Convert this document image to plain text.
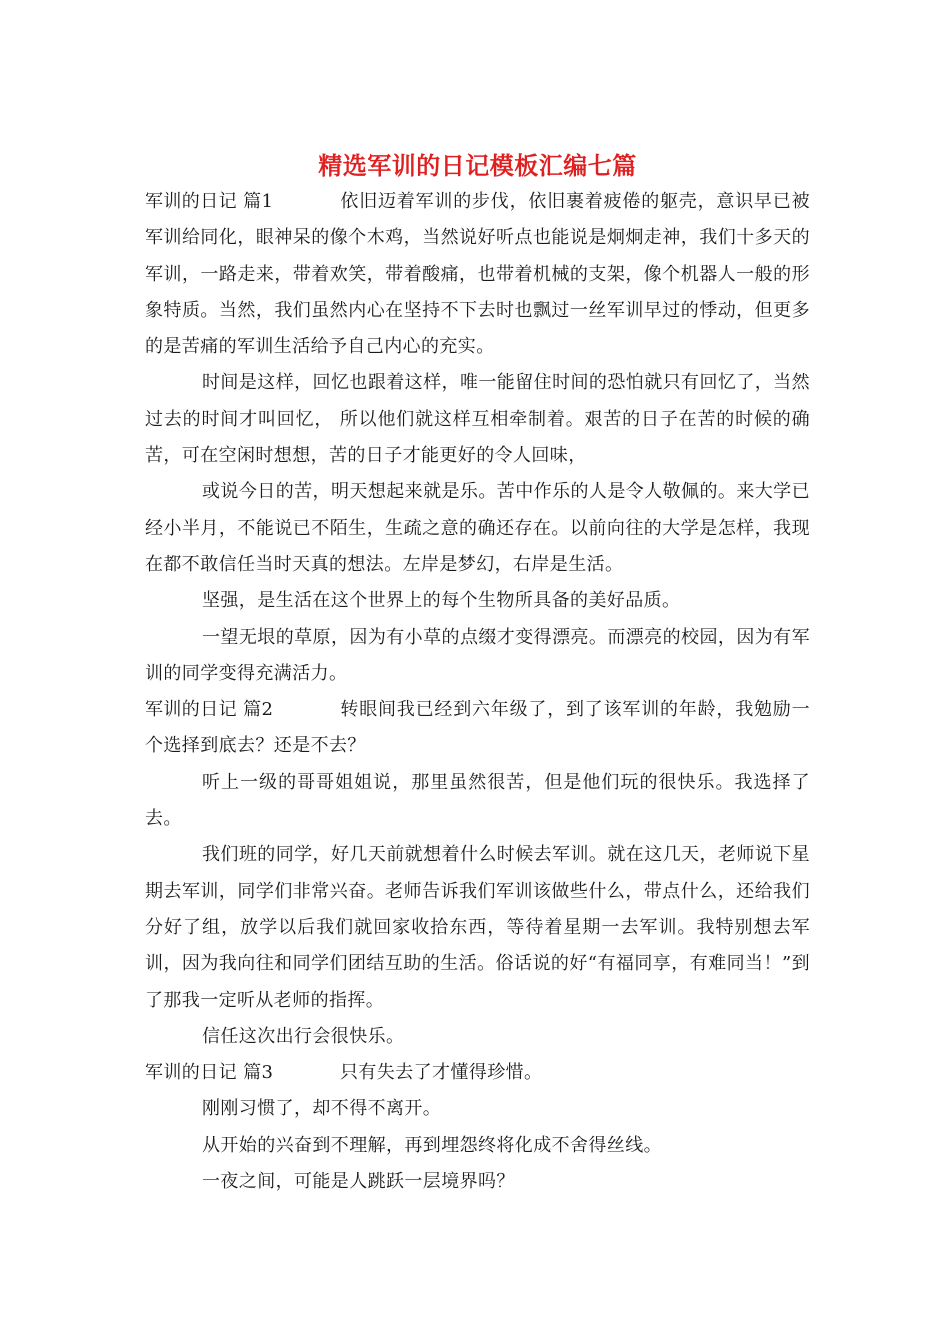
精选军训的日记模板汇编七篇

军训的日记 篇1	依旧迈着军训的步伐，依旧裹着疲倦的躯壳，意识早已被军训给同化，眼神呆的像个木鸡，当然说好听点也能说是炯炯走神，我们十多天的军训，一路走来，带着欢笑，带着酸痛，也带着机械的支架，像个机器人一般的形象特质。当然，我们虽然内心在坚持不下去时也飘过一丝军训早过的悸动，但更多的是苦痛的军训生活给予自己内心的充实。

时间是这样，回忆也跟着这样，唯一能留住时间的恐怕就只有回忆了，当然过去的时间才叫回忆， 所以他们就这样互相牵制着。艰苦的日子在苦的时候的确苦，可在空闲时想想，苦的日子才能更好的令人回味，

或说今日的苦，明天想起来就是乐。苦中作乐的人是令人敬佩的。来大学已经小半月，不能说已不陌生，生疏之意的确还存在。以前向往的大学是怎样，我现在都不敢信任当时天真的想法。左岸是梦幻，右岸是生活。

坚强，是生活在这个世界上的每个生物所具备的美好品质。

一望无垠的草原，因为有小草的点缀才变得漂亮。而漂亮的校园，因为有军训的同学变得充满活力。

军训的日记 篇2	转眼间我已经到六年级了，到了该军训的年龄，我勉励一个选择到底去？还是不去？

听上一级的哥哥姐姐说，那里虽然很苦，但是他们玩的很快乐。我选择了去。

我们班的同学，好几天前就想着什么时候去军训。就在这几天，老师说下星期去军训，同学们非常兴奋。老师告诉我们军训该做些什么，带点什么，还给我们分好了组，放学以后我们就回家收拾东西，等待着星期一去军训。我特别想去军训，因为我向往和同学们团结互助的生活。俗话说的好“有福同享，有难同当！”到了那我一定听从老师的指挥。

信任这次出行会很快乐。

军训的日记 篇3	只有失去了才懂得珍惜。

刚刚习惯了，却不得不离开。

从开始的兴奋到不理解，再到埋怨终将化成不舍得丝线。

一夜之间，可能是人跳跃一层境界吗？
